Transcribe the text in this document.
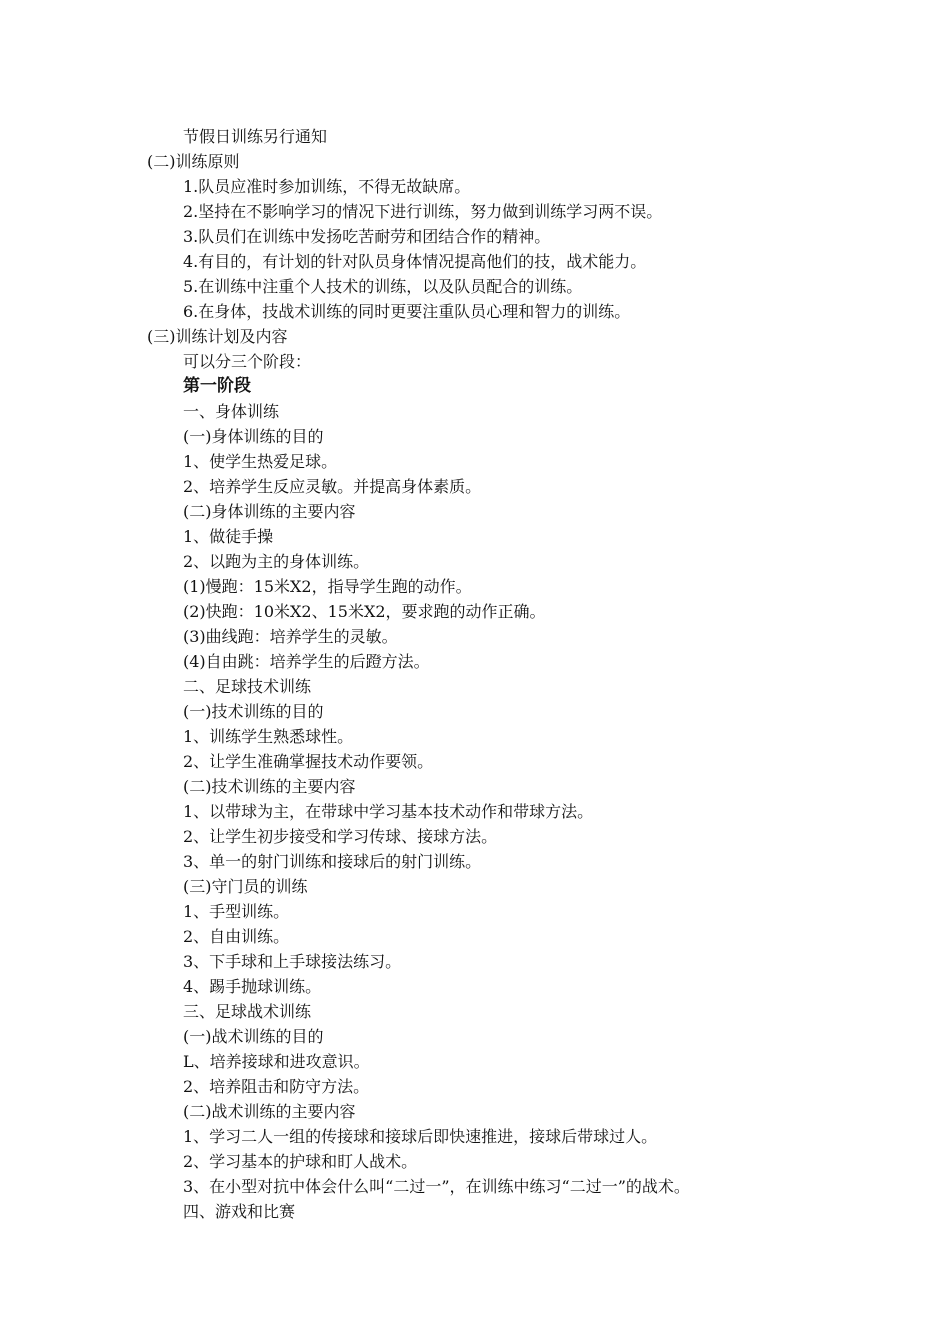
节假日训练另行通知
(二)训练原则
1.队员应准时参加训练，不得无故缺席。
2.坚持在不影响学习的情况下进行训练，努力做到训练学习两不误。
3.队员们在训练中发扬吃苦耐劳和团结合作的精神。
4.有目的，有计划的针对队员身体情况提高他们的技，战术能力。
5.在训练中注重个人技术的训练，以及队员配合的训练。
6.在身体，技战术训练的同时更要注重队员心理和智力的训练。
(三)训练计划及内容
可以分三个阶段：
第一阶段
一、身体训练
(一)身体训练的目的
1、使学生热爱足球。
2、培养学生反应灵敏。并提高身体素质。
(二)身体训练的主要内容
1、做徒手操
2、以跑为主的身体训练。
(1)慢跑：15米X2，指导学生跑的动作。
(2)快跑：10米X2、15米X2，要求跑的动作正确。
(3)曲线跑：培养学生的灵敏。
(4)自由跳：培养学生的后蹬方法。
二、足球技术训练
(一)技术训练的目的
1、训练学生熟悉球性。
2、让学生准确掌握技术动作要领。
(二)技术训练的主要内容
1、以带球为主，在带球中学习基本技术动作和带球方法。
2、让学生初步接受和学习传球、接球方法。
3、单一的射门训练和接球后的射门训练。
(三)守门员的训练
1、手型训练。
2、自由训练。
3、下手球和上手球接法练习。
4、踢手抛球训练。
三、足球战术训练
(一)战术训练的目的
L、培养接球和进攻意识。
2、培养阻击和防守方法。
(二)战术训练的主要内容
1、学习二人一组的传接球和接球后即快速推进，接球后带球过人。
2、学习基本的护球和盯人战术。
3、在小型对抗中体会什么叫“二过一”，在训练中练习“二过一”的战术。
四、游戏和比赛
